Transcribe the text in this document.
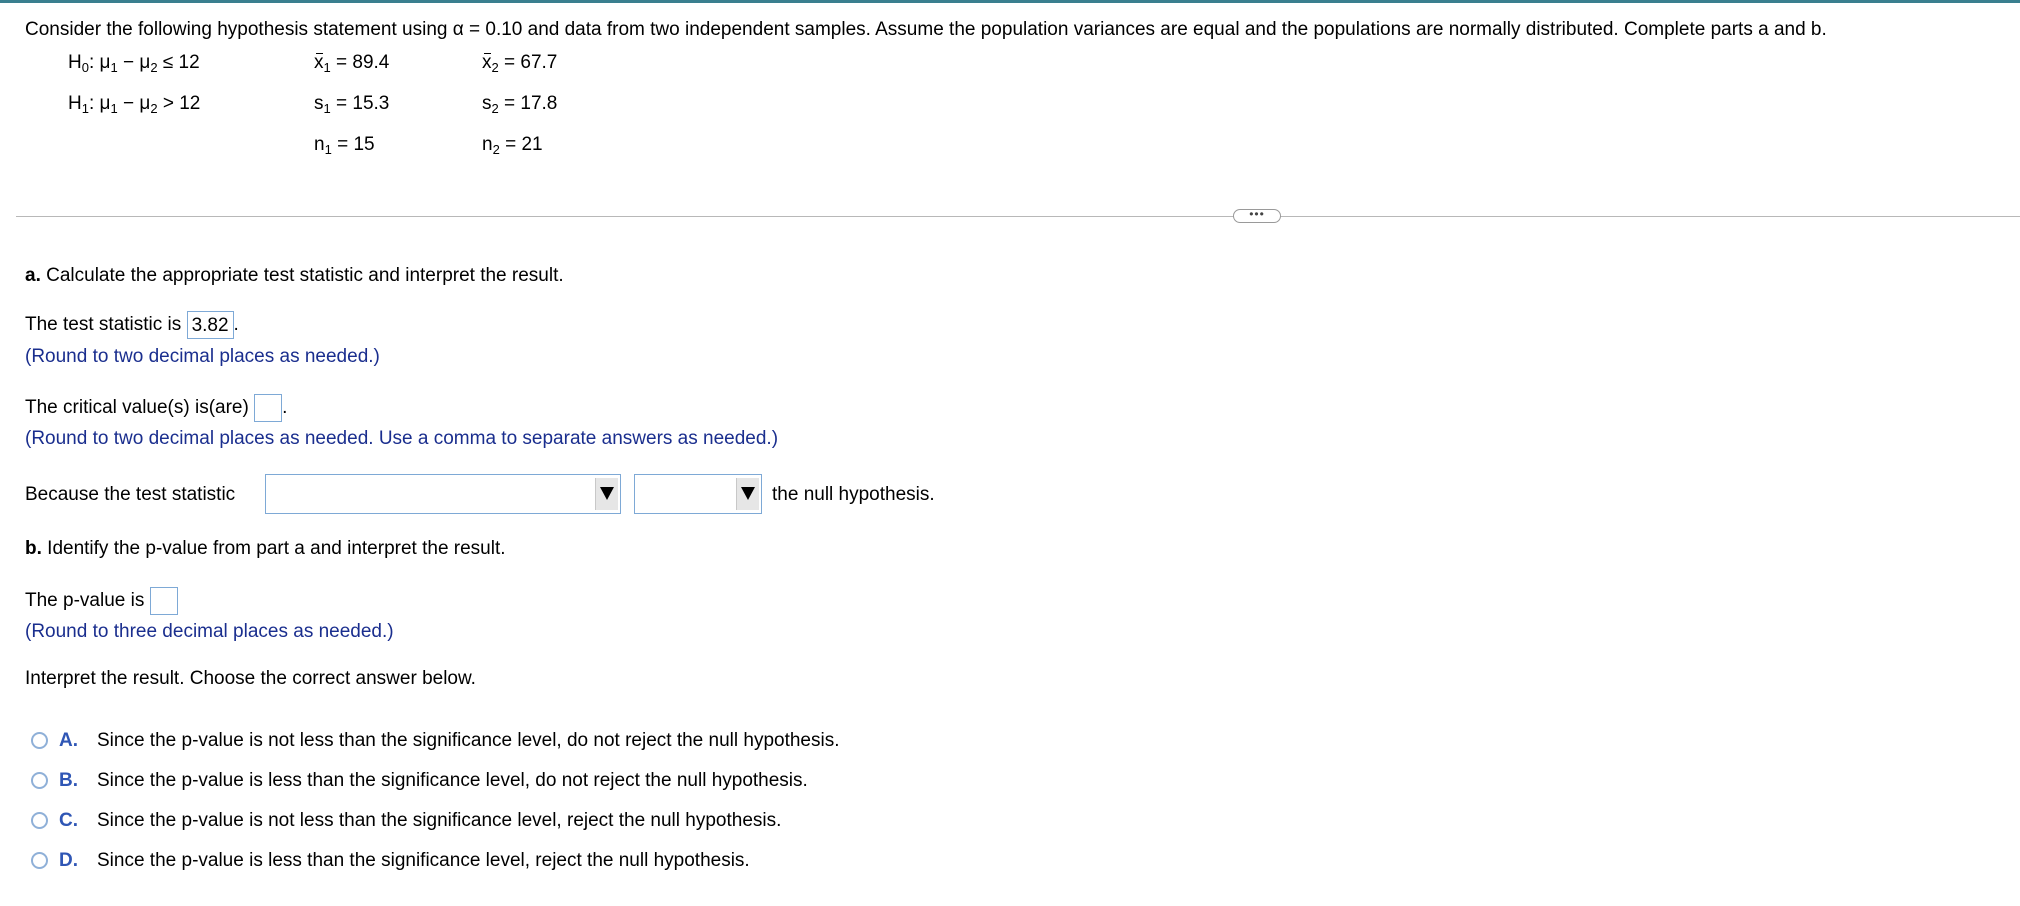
Consider the following hypothesis statement using α = 0.10 and data from two independent samples. Assume the population variances are equal and the populations are normally distributed. Complete parts a and b.
$H_0$: $\mu_1 - \mu_2 \le 12$
$H_1$: $\mu_1 - \mu_2 > 12$
$x_1 = 89.4$
$s_1 = 15.3$
$n_1 = 15$
$x_2 = 67.7$
$s_2 = 17.8$
$n_2 = 21$
•••
a. Calculate the appropriate test statistic and interpret the result.
The test statistic is 3.82 .
(Round to two decimal places as needed.)
The critical value(s) is(are) .
(Round to two decimal places as needed. Use a comma to separate answers as needed.)
Because the test statistic	the null hypothesis.
b. Identify the p-value from part a and interpret the result.
The p-value is
(Round to three decimal places as needed.)
Interpret the result. Choose the correct answer below.
A. Since the p-value is not less than the significance level, do not reject the null hypothesis.
B. Since the p-value is less than the significance level, do not reject the null hypothesis.
C. Since the p-value is not less than the significance level, reject the null hypothesis.
D. Since the p-value is less than the significance level, reject the null hypothesis.
